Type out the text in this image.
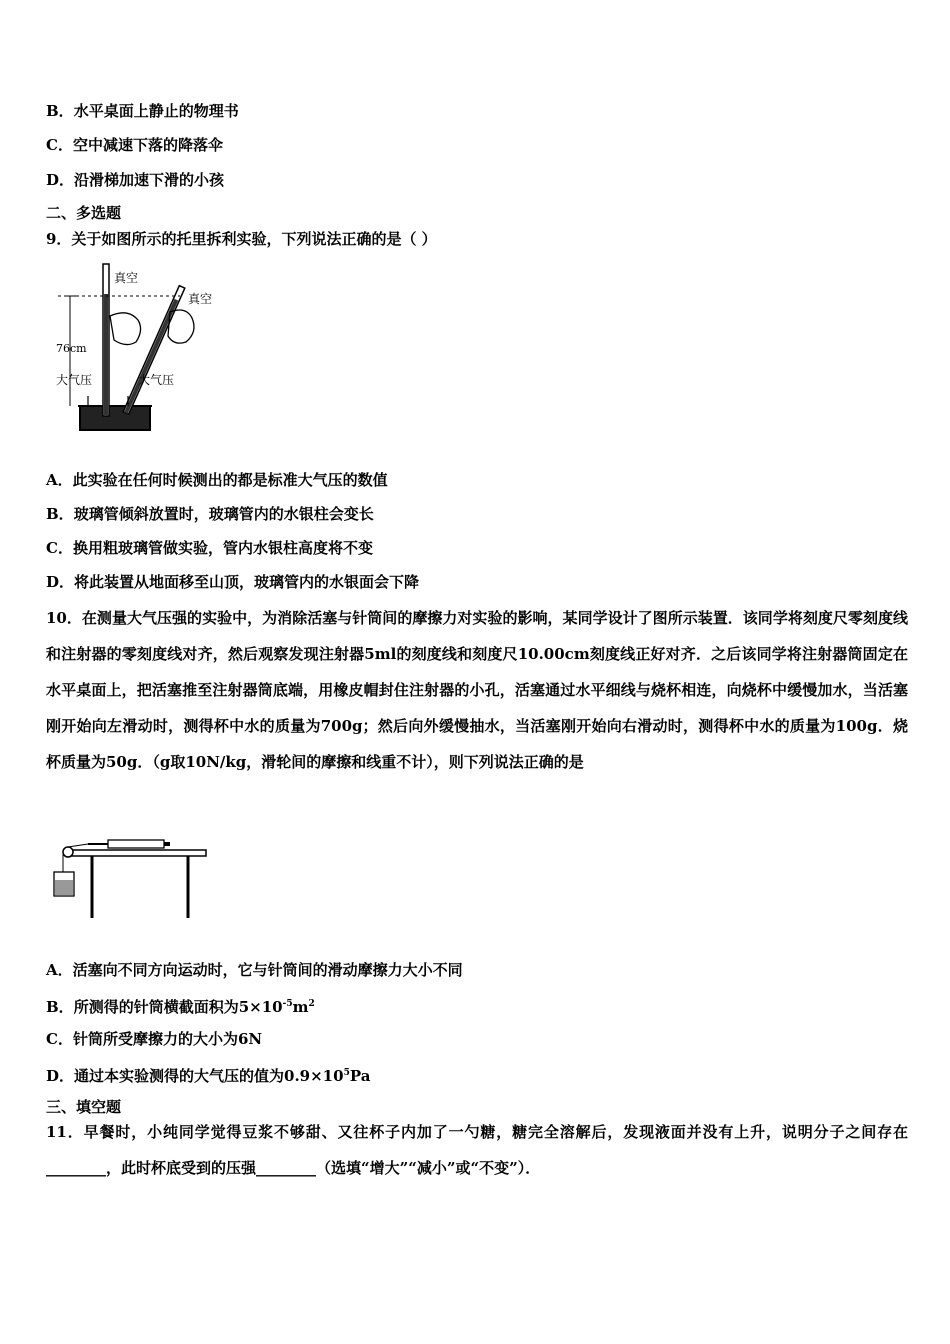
B．水平桌面上静止的物理书
C．空中减速下落的降落伞
D．沿滑梯加速下滑的小孩
二、多选题
9．关于如图所示的托里拆利实验，下列说法正确的是（ ）
真空
真空
76cm
大气压	大气压
A．此实验在任何时候测出的都是标准大气压的数值
B．玻璃管倾斜放置时，玻璃管内的水银柱会变长
C．换用粗玻璃管做实验，管内水银柱高度将不变
D．将此装置从地面移至山顶，玻璃管内的水银面会下降
10．在测量大气压强的实验中，为消除活塞与针筒间的摩擦力对实验的影响，某同学设计了图所示装置．该同学将刻度尺零刻度线和注射器的零刻度线对齐，然后观察发现注射器5ml的刻度线和刻度尺10.00cm刻度线正好对齐．之后该同学将注射器筒固定在水平桌面上，把活塞推至注射器筒底端，用橡皮帽封住注射器的小孔，活塞通过水平细线与烧杯相连，向烧杯中缓慢加水，当活塞刚开始向左滑动时，测得杯中水的质量为700g；然后向外缓慢抽水，当活塞刚开始向右滑动时，测得杯中水的质量为100g．烧杯质量为50g．（g取10N/kg，滑轮间的摩擦和线重不计），则下列说法正确的是
A．活塞向不同方向运动时，它与针筒间的滑动摩擦力大小不同
B．所测得的针筒横截面积为$5\times 10^{-5}m^2$
C．针筒所受摩擦力的大小为6N
D．通过本实验测得的大气压的值为$0.9\times 10^5Pa$
三、填空题
11．早餐时，小纯同学觉得豆浆不够甜、又往杯子内加了一勺糖，糖完全溶解后，发现液面并没有上升，说明分子之间存在________，此时杯底受到的压强________（选填“增大”“减小”或“不变”）．
